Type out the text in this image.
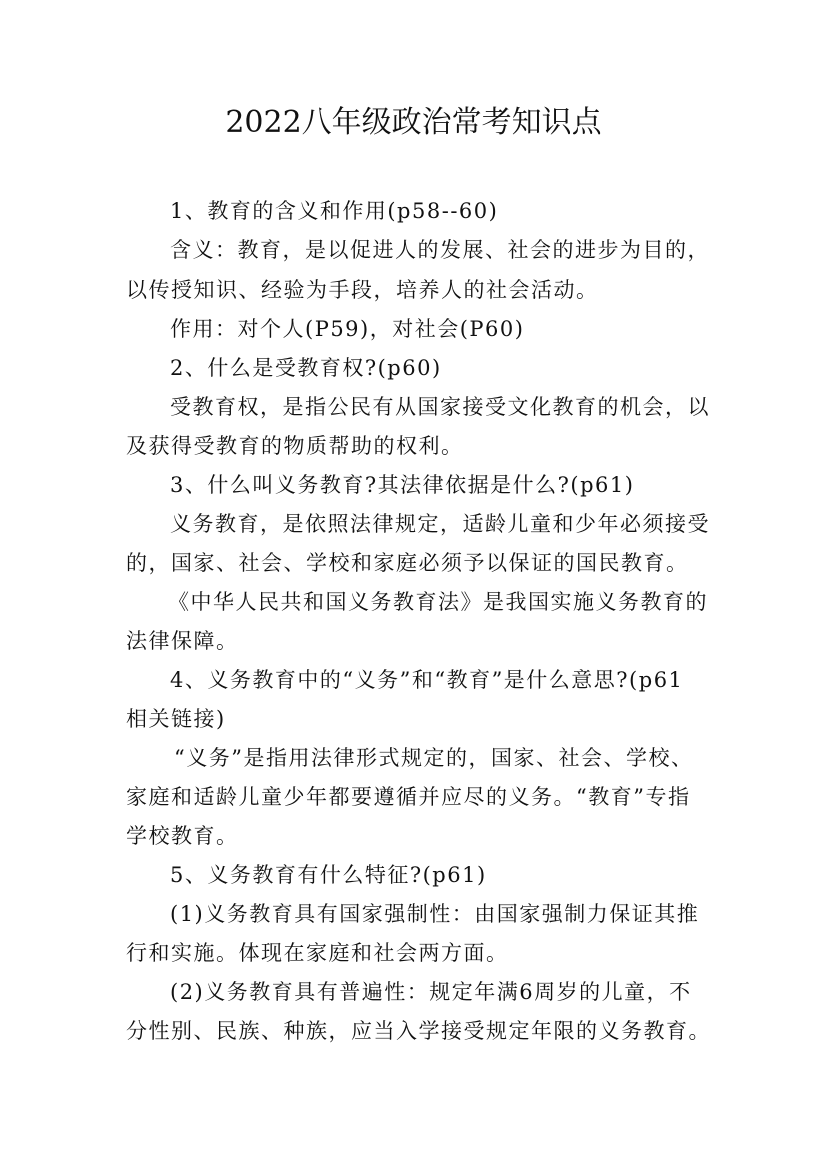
2022八年级政治常考知识点
1、教育的含义和作用(p58--60)
含义：教育，是以促进人的发展、社会的进步为目的，
以传授知识、经验为手段，培养人的社会活动。
作用：对个人(P59)，对社会(P60)
2、什么是受教育权?(p60)
受教育权，是指公民有从国家接受文化教育的机会，以
及获得受教育的物质帮助的权利。
3、什么叫义务教育?其法律依据是什么?(p61)
义务教育，是依照法律规定，适龄儿童和少年必须接受
的，国家、社会、学校和家庭必须予以保证的国民教育。
《中华人民共和国义务教育法》是我国实施义务教育的
法律保障。
4、义务教育中的“义务”和“教育”是什么意思?(p61
相关链接)
“义务”是指用法律形式规定的，国家、社会、学校、
家庭和适龄儿童少年都要遵循并应尽的义务。“教育”专指
学校教育。
5、义务教育有什么特征?(p61)
(1)义务教育具有国家强制性：由国家强制力保证其推
行和实施。体现在家庭和社会两方面。
(2)义务教育具有普遍性：规定年满6周岁的儿童，不
分性别、民族、种族，应当入学接受规定年限的义务教育。
